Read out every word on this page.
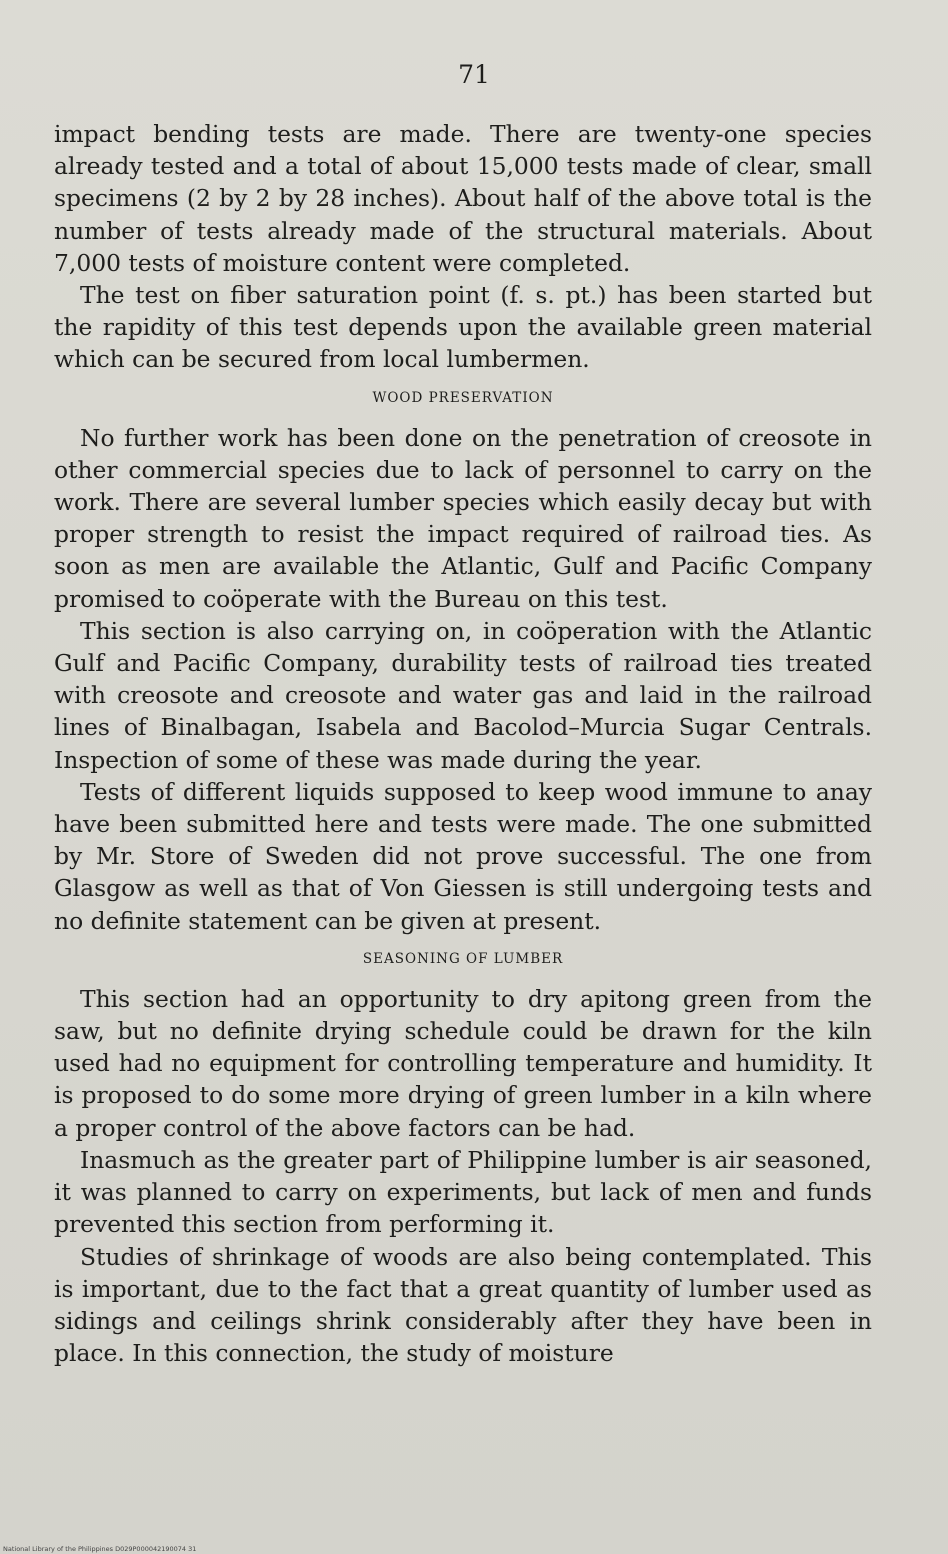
71

impact bending tests are made. There are twenty-one species already tested and a total of about 15,000 tests made of clear, small specimens (2 by 2 by 28 inches). About half of the above total is the number of tests already made of the structural materials. About 7,000 tests of moisture content were completed.

The test on fiber saturation point (f. s. pt.) has been started but the rapidity of this test depends upon the available green material which can be secured from local lumbermen.

WOOD PRESERVATION

No further work has been done on the penetration of creosote in other commercial species due to lack of personnel to carry on the work. There are several lumber species which easily decay but with proper strength to resist the impact required of railroad ties. As soon as men are available the Atlantic, Gulf and Pacific Company promised to coöperate with the Bureau on this test.

This section is also carrying on, in coöperation with the Atlantic Gulf and Pacific Company, durability tests of railroad ties treated with creosote and creosote and water gas and laid in the railroad lines of Binalbagan, Isabela and Bacolod–Murcia Sugar Centrals. Inspection of some of these was made during the year.

Tests of different liquids supposed to keep wood immune to anay have been submitted here and tests were made. The one submitted by Mr. Store of Sweden did not prove successful. The one from Glasgow as well as that of Von Giessen is still undergoing tests and no definite statement can be given at present.

SEASONING OF LUMBER

This section had an opportunity to dry apitong green from the saw, but no definite drying schedule could be drawn for the kiln used had no equipment for controlling temperature and humidity. It is proposed to do some more drying of green lumber in a kiln where a proper control of the above factors can be had.

Inasmuch as the greater part of Philippine lumber is air seasoned, it was planned to carry on experiments, but lack of men and funds prevented this section from performing it.

Studies of shrinkage of woods are also being contemplated. This is important, due to the fact that a great quantity of lumber used as sidings and ceilings shrink considerably after they have been in place. In this connection, the study of moisture

National Library of the Philippines D029P000042190074 31
